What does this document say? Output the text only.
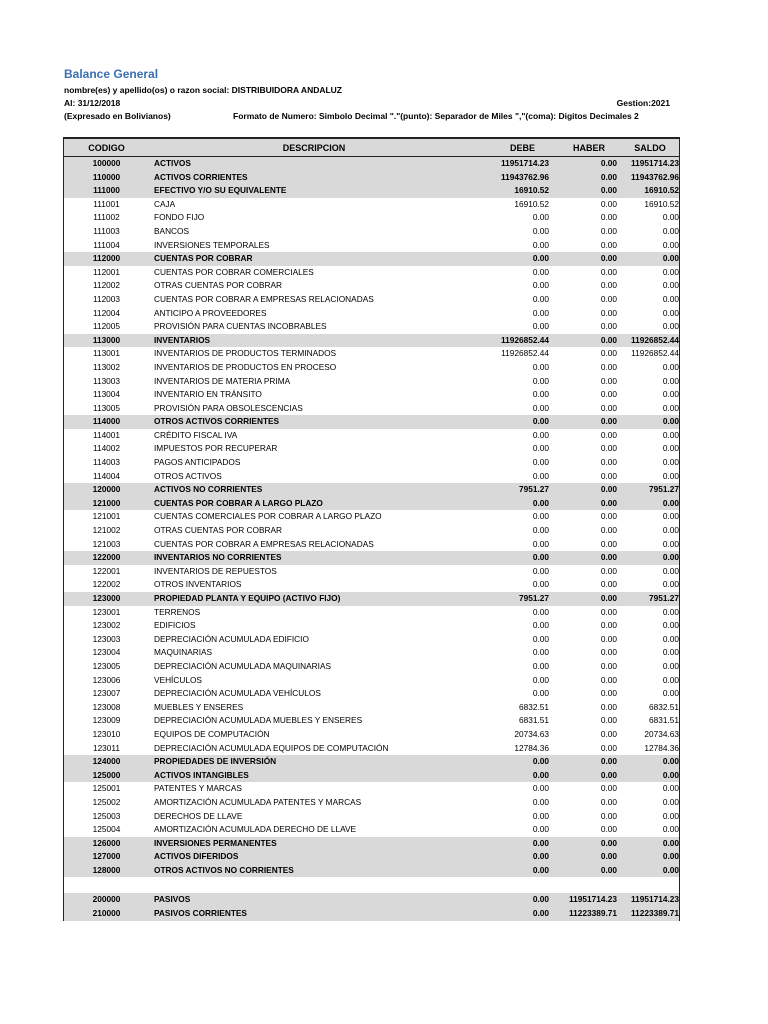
Balance General
nombre(es) y apellido(os) o razon social: DISTRIBUIDORA ANDALUZ
Al: 31/12/2018	Gestion:2021
(Expresado en Bolivianos)	Formato de Numero: Simbolo Decimal "."(punto): Separador de Miles ","(coma): Digitos Decimales 2
CODIGO	DESCRIPCION	DEBE	HABER	SALDO
100000	ACTIVOS	11951714.23	0.00	11951714.23
110000	ACTIVOS CORRIENTES	11943762.96	0.00	11943762.96
111000	EFECTIVO Y/O SU EQUIVALENTE	16910.52	0.00	16910.52
111001	CAJA	16910.52	0.00	16910.52
111002	FONDO FIJO	0.00	0.00	0.00
111003	BANCOS	0.00	0.00	0.00
111004	INVERSIONES TEMPORALES	0.00	0.00	0.00
112000	CUENTAS POR COBRAR	0.00	0.00	0.00
112001	CUENTAS POR COBRAR COMERCIALES	0.00	0.00	0.00
112002	OTRAS CUENTAS POR COBRAR	0.00	0.00	0.00
112003	CUENTAS POR COBRAR A EMPRESAS RELACIONADAS	0.00	0.00	0.00
112004	ANTICIPO A PROVEEDORES	0.00	0.00	0.00
112005	PROVISIÓN PARA CUENTAS INCOBRABLES	0.00	0.00	0.00
113000	INVENTARIOS	11926852.44	0.00	11926852.44
113001	INVENTARIOS DE PRODUCTOS TERMINADOS	11926852.44	0.00	11926852.44
113002	INVENTARIOS DE PRODUCTOS EN PROCESO	0.00	0.00	0.00
113003	INVENTARIOS DE MATERIA PRIMA	0.00	0.00	0.00
113004	INVENTARIO EN TRÁNSITO	0.00	0.00	0.00
113005	PROVISIÓN PARA OBSOLESCENCIAS	0.00	0.00	0.00
114000	OTROS ACTIVOS CORRIENTES	0.00	0.00	0.00
114001	CRÉDITO FISCAL IVA	0.00	0.00	0.00
114002	IMPUESTOS POR RECUPERAR	0.00	0.00	0.00
114003	PAGOS ANTICIPADOS	0.00	0.00	0.00
114004	OTROS ACTIVOS	0.00	0.00	0.00
120000	ACTIVOS NO CORRIENTES	7951.27	0.00	7951.27
121000	CUENTAS POR COBRAR A LARGO PLAZO	0.00	0.00	0.00
121001	CUENTAS COMERCIALES POR COBRAR A LARGO PLAZO	0.00	0.00	0.00
121002	OTRAS CUENTAS POR COBRAR	0.00	0.00	0.00
121003	CUENTAS POR COBRAR A EMPRESAS RELACIONADAS	0.00	0.00	0.00
122000	INVENTARIOS NO CORRIENTES	0.00	0.00	0.00
122001	INVENTARIOS DE REPUESTOS	0.00	0.00	0.00
122002	OTROS INVENTARIOS	0.00	0.00	0.00
123000	PROPIEDAD PLANTA Y EQUIPO (ACTIVO FIJO)	7951.27	0.00	7951.27
123001	TERRENOS	0.00	0.00	0.00
123002	EDIFICIOS	0.00	0.00	0.00
123003	DEPRECIACIÓN ACUMULADA EDIFICIO	0.00	0.00	0.00
123004	MAQUINARIAS	0.00	0.00	0.00
123005	DEPRECIACIÓN ACUMULADA MAQUINARIAS	0.00	0.00	0.00
123006	VEHÍCULOS	0.00	0.00	0.00
123007	DEPRECIACIÓN ACUMULADA VEHÍCULOS	0.00	0.00	0.00
123008	MUEBLES Y ENSERES	6832.51	0.00	6832.51
123009	DEPRECIACIÓN ACUMULADA MUEBLES Y ENSERES	6831.51	0.00	6831.51
123010	EQUIPOS DE COMPUTACIÓN	20734.63	0.00	20734.63
123011	DEPRECIACIÓN ACUMULADA EQUIPOS DE COMPUTACIÓN	12784.36	0.00	12784.36
124000	PROPIEDADES DE INVERSIÓN	0.00	0.00	0.00
125000	ACTIVOS INTANGIBLES	0.00	0.00	0.00
125001	PATENTES Y MARCAS	0.00	0.00	0.00
125002	AMORTIZACIÓN ACUMULADA PATENTES Y MARCAS	0.00	0.00	0.00
125003	DERECHOS DE LLAVE	0.00	0.00	0.00
125004	AMORTIZACIÓN ACUMULADA DERECHO DE LLAVE	0.00	0.00	0.00
126000	INVERSIONES PERMANENTES	0.00	0.00	0.00
127000	ACTIVOS DIFERIDOS	0.00	0.00	0.00
128000	OTROS ACTIVOS NO CORRIENTES	0.00	0.00	0.00

200000	PASIVOS	0.00	11951714.23	11951714.23
210000	PASIVOS CORRIENTES	0.00	11223389.71	11223389.71
